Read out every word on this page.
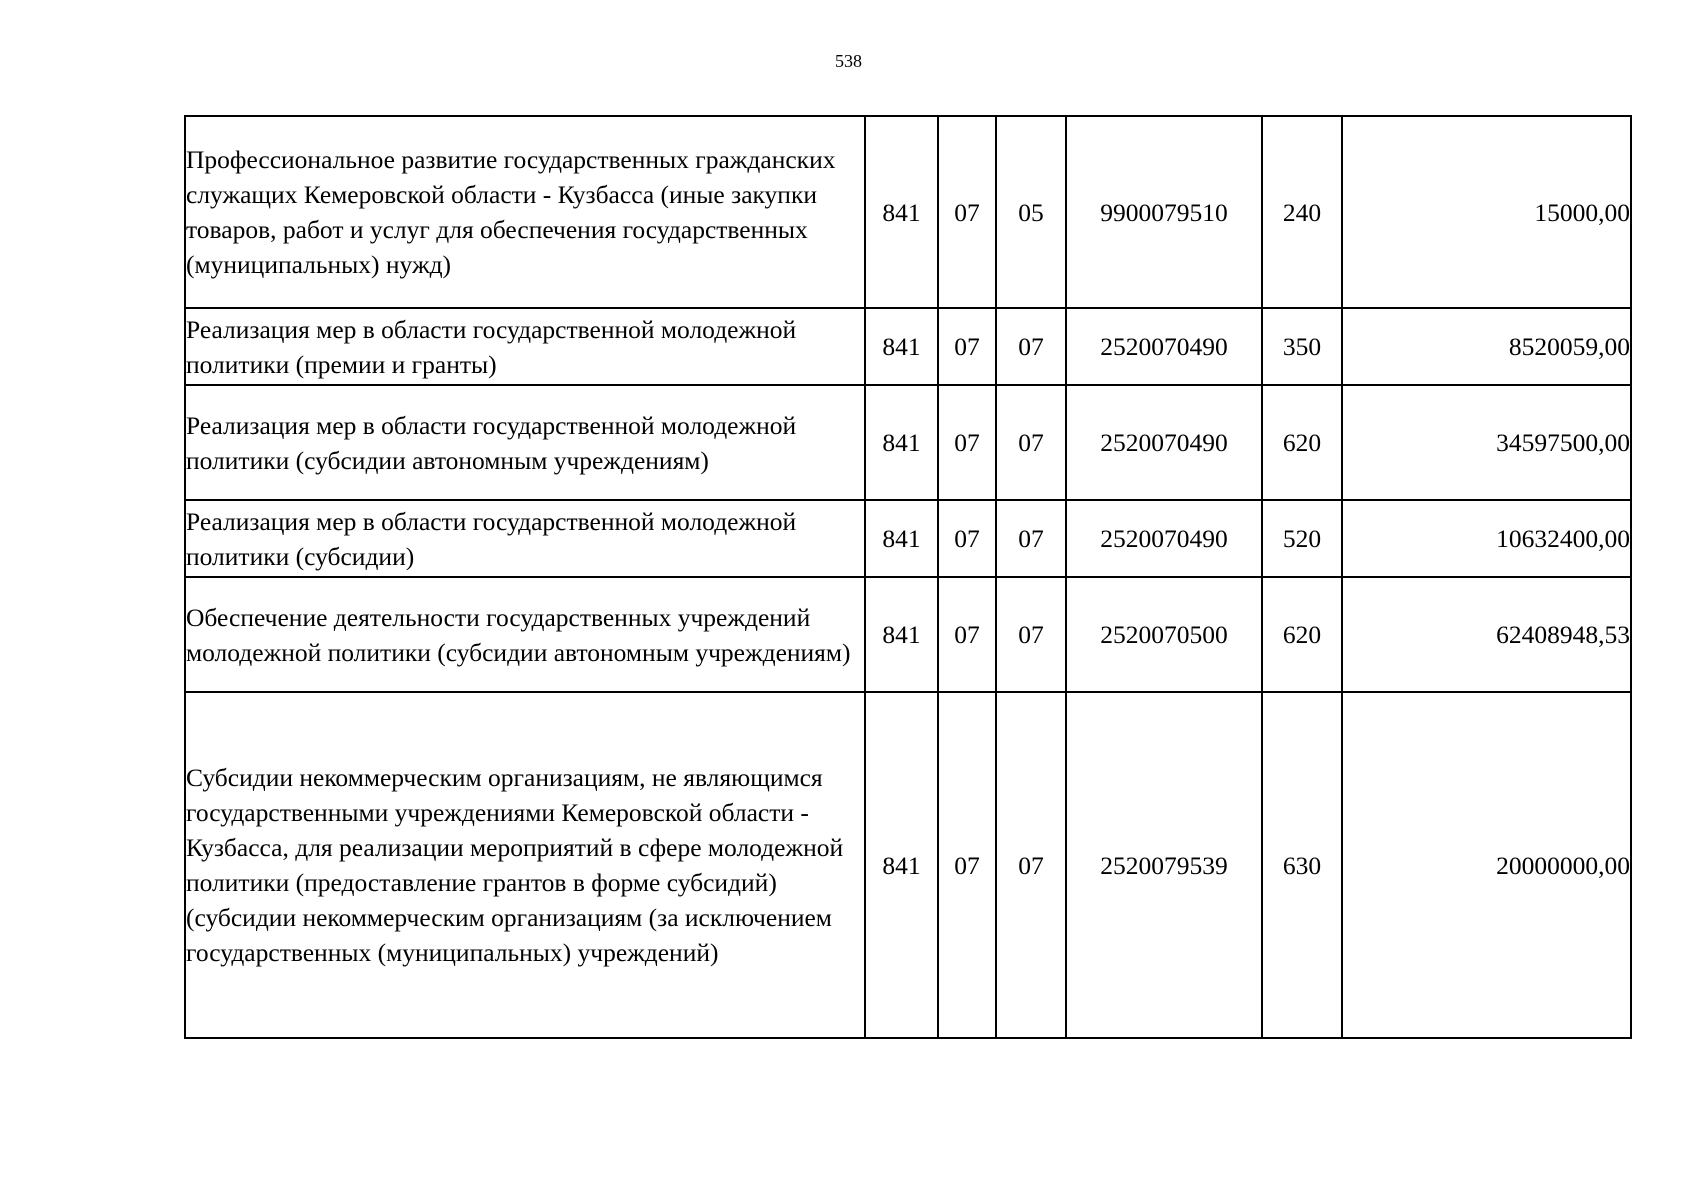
538
Профессиональное развитие государственных гражданских служащих Кемеровской области - Кузбасса (иные закупки товаров, работ и услуг для обеспечения государственных (муниципальных) нужд)	841	07	05	9900079510	240	15000,00
Реализация мер в области государственной молодежной политики (премии и гранты)	841	07	07	2520070490	350	8520059,00
Реализация мер в области государственной молодежной политики (субсидии автономным учреждениям)	841	07	07	2520070490	620	34597500,00
Реализация мер в области государственной молодежной политики (субсидии)	841	07	07	2520070490	520	10632400,00
Обеспечение деятельности государственных учреждений молодежной политики (субсидии автономным учреждениям)	841	07	07	2520070500	620	62408948,53
Субсидии некоммерческим организациям, не являющимся государственными учреждениями Кемеровской области - Кузбасса, для реализации мероприятий в сфере молодежной политики (предоставление грантов в форме субсидий) (субсидии некоммерческим организациям (за исключением государственных (муниципальных) учреждений)	841	07	07	2520079539	630	20000000,00
